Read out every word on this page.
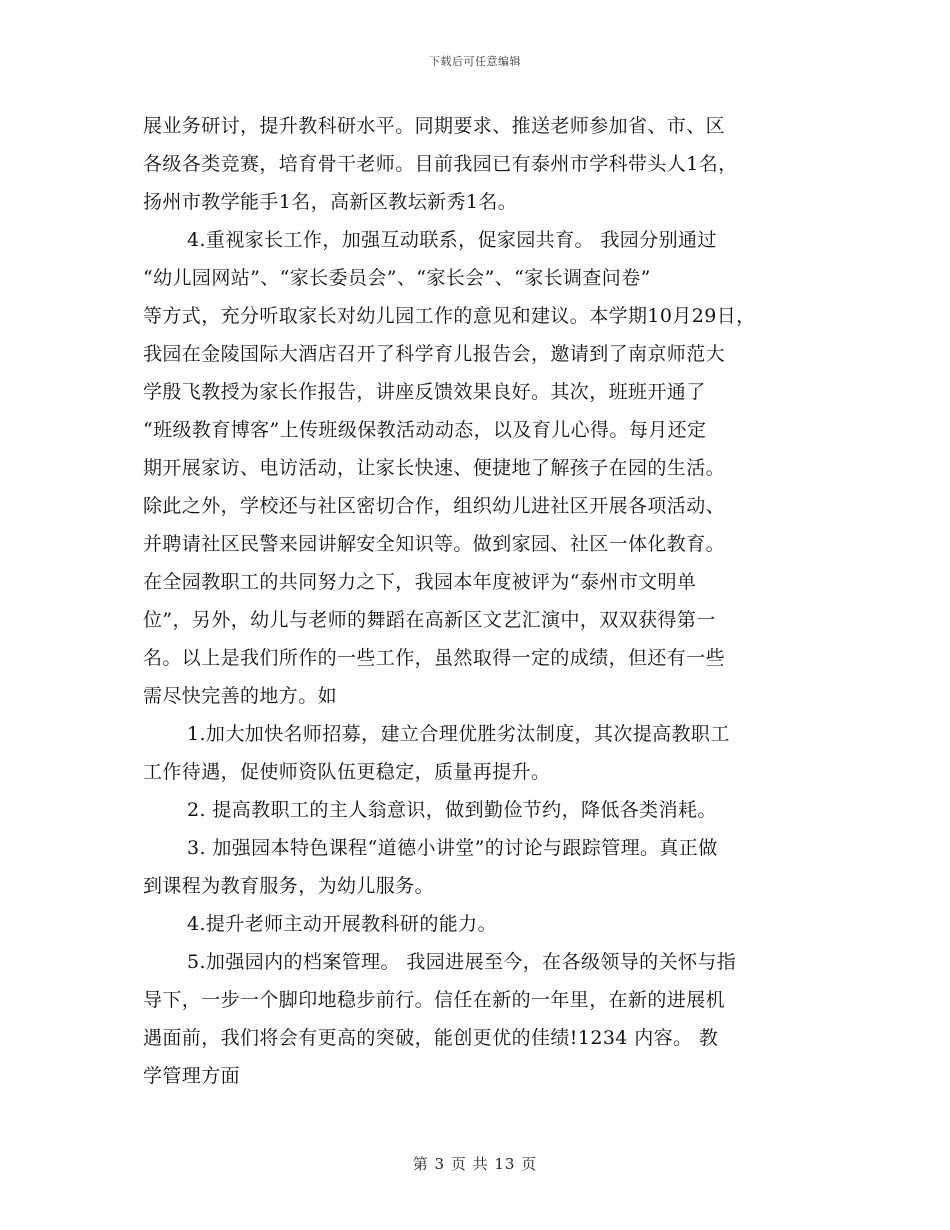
下载后可任意编辑
展业务研讨，提升教科研水平。同期要求、推送老师参加省、市、区
各级各类竞赛，培育骨干老师。目前我园已有泰州市学科带头人1名，
扬州市教学能手1名，高新区教坛新秀1名。
4.重视家长工作，加强互动联系，促家园共育。 我园分别通过
“幼儿园网站”、“家长委员会”、“家长会”、“家长调查问卷”
等方式，充分听取家长对幼儿园工作的意见和建议。本学期10月29日，
我园在金陵国际大酒店召开了科学育儿报告会，邀请到了南京师范大
学殷飞教授为家长作报告，讲座反馈效果良好。其次，班班开通了
“班级教育博客”上传班级保教活动动态，以及育儿心得。每月还定
期开展家访、电访活动，让家长快速、便捷地了解孩子在园的生活。
除此之外，学校还与社区密切合作，组织幼儿进社区开展各项活动、
并聘请社区民警来园讲解安全知识等。做到家园、社区一体化教育。
在全园教职工的共同努力之下，我园本年度被评为“泰州市文明单
位”，另外，幼儿与老师的舞蹈在高新区文艺汇演中，双双获得第一
名。以上是我们所作的一些工作，虽然取得一定的成绩，但还有一些
需尽快完善的地方。如
1.加大加快名师招募，建立合理优胜劣汰制度，其次提高教职工
工作待遇，促使师资队伍更稳定，质量再提升。
2. 提高教职工的主人翁意识，做到勤俭节约，降低各类消耗。
3. 加强园本特色课程“道德小讲堂”的讨论与跟踪管理。真正做
到课程为教育服务，为幼儿服务。
4.提升老师主动开展教科研的能力。
5.加强园内的档案管理。 我园进展至今，在各级领导的关怀与指
导下，一步一个脚印地稳步前行。信任在新的一年里，在新的进展机
遇面前，我们将会有更高的突破，能创更优的佳绩!1234 内容。 教
学管理方面
第 3 页 共 13 页
